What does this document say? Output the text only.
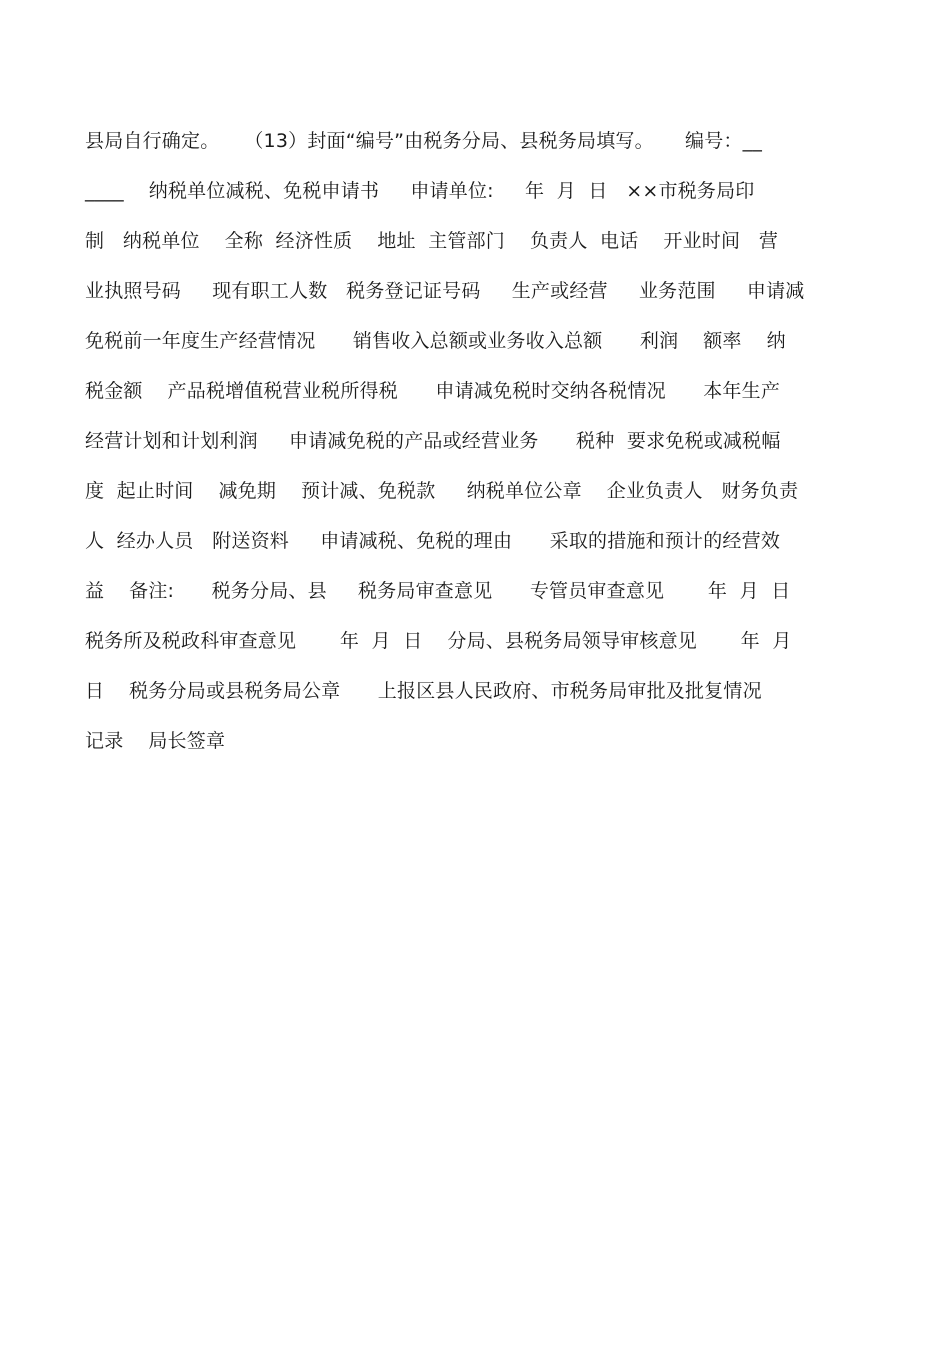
县局自行确定。    （13）封面“编号”由税务分局、县税务局填写。     编号：__
____    纳税单位减税、免税申请书     申请单位:     年  月  日   ××市税务局印
制   纳税单位    全称  经济性质    地址  主管部门    负责人  电话    开业时间   营
业执照号码     现有职工人数   税务登记证号码     生产或经营     业务范围     申请减
免税前一年度生产经营情况      销售收入总额或业务收入总额      利润    额率    纳
税金额    产品税增值税营业税所得税      申请减免税时交纳各税情况      本年生产
经营计划和计划利润     申请减免税的产品或经营业务      税种  要求免税或减税幅
度  起止时间    减免期    预计减、免税款     纳税单位公章    企业负责人   财务负责
人  经办人员   附送资料     申请减税、免税的理由      采取的措施和预计的经营效
益    备注:      税务分局、县     税务局审查意见      专管员审查意见       年  月  日
税务所及税政科审查意见       年  月  日    分局、县税务局领导审核意见       年  月
日    税务分局或县税务局公章      上报区县人民政府、市税务局审批及批复情况
记录    局长签章
